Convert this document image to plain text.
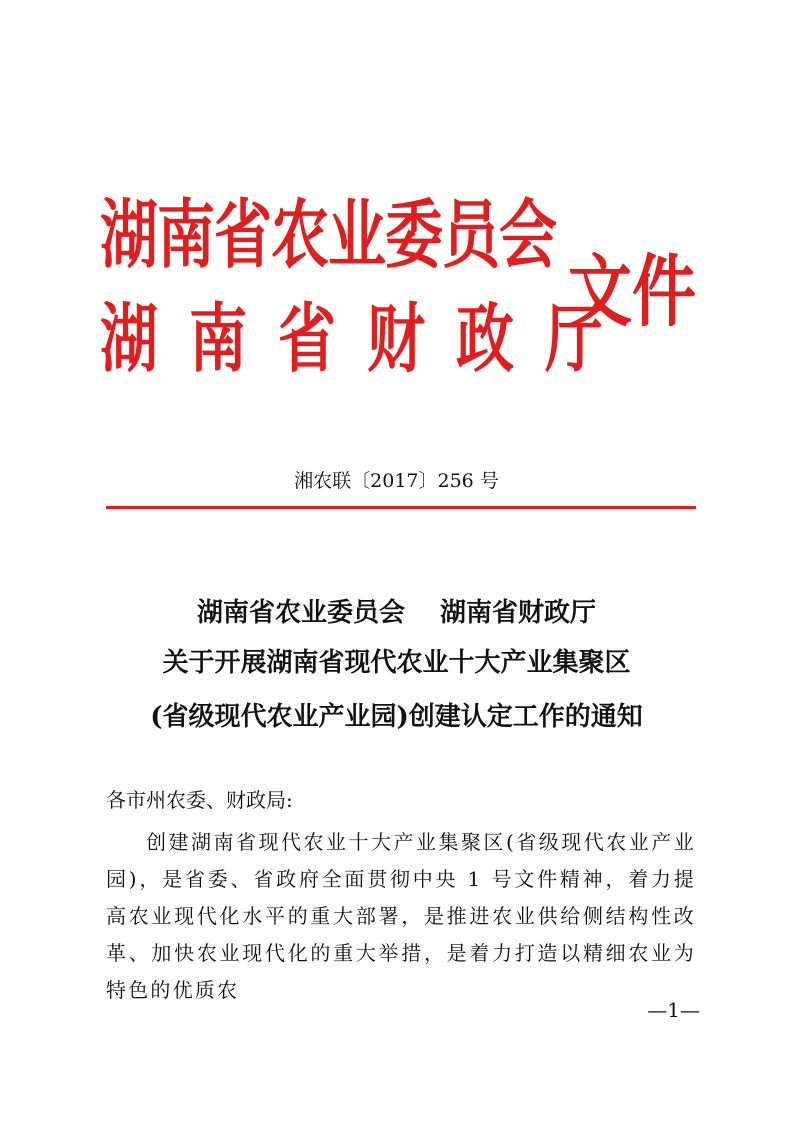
湖南省农业委员会
湖南省财政厅
文件
湘农联〔2017〕256 号
湖南省农业委员会　 湖南省财政厅
关于开展湖南省现代农业十大产业集聚区
(省级现代农业产业园)创建认定工作的通知
各市州农委、财政局:
创建湖南省现代农业十大产业集聚区(省级现代农业产业园)，是省委、省政府全面贯彻中央 1 号文件精神，着力提高农业现代化水平的重大部署，是推进农业供给侧结构性改革、加快农业现代化的重大举措，是着力打造以精细农业为特色的优质农
—1—
